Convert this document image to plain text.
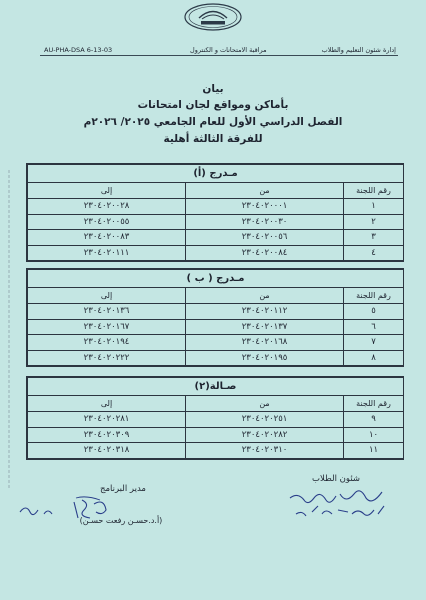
إدارة شئون التعليم والطلاب
مراقبة الامتحانات و الكنترول
AU-PHA-DSA 6-13-03
بيان
بأماكن ومواقع لجان امتحانات
الفصل الدراسي الأول للعام الجامعي ٢٠٢٥/ ٢٠٢٦م
للفرقة الثالثة أهلية
مـدرج (أ)		
رقم اللجنة	من	إلى
١	٢٣٠٤٠٢٠٠٠١	٢٣٠٤٠٢٠٠٢٨
٢	٢٣٠٤٠٢٠٠٣٠	٢٣٠٤٠٢٠٠٥٥
٣	٢٣٠٤٠٢٠٠٥٦	٢٣٠٤٠٢٠٠٨٣
٤	٢٣٠٤٠٢٠٠٨٤	٢٣٠٤٠٢٠١١١
مـدرج ( ب )		
رقم اللجنة	من	إلى
٥	٢٣٠٤٠٢٠١١٢	٢٣٠٤٠٢٠١٣٦
٦	٢٣٠٤٠٢٠١٣٧	٢٣٠٤٠٢٠١٦٧
٧	٢٣٠٤٠٢٠١٦٨	٢٣٠٤٠٢٠١٩٤
٨	٢٣٠٤٠٢٠١٩٥	٢٣٠٤٠٢٠٢٢٢
صـالة(٢)		
رقم اللجنة	من	إلى
٩	٢٣٠٤٠٢٠٢٥١	٢٣٠٤٠٢٠٢٨١
١٠	٢٣٠٤٠٢٠٢٨٢	٢٣٠٤٠٢٠٣٠٩
١١	٢٣٠٤٠٢٠٣١٠	٢٣٠٤٠٢٠٣١٨
مدير البرنامج
(أ.د.حسـن رفعت حسـن)
شئون الطلاب
